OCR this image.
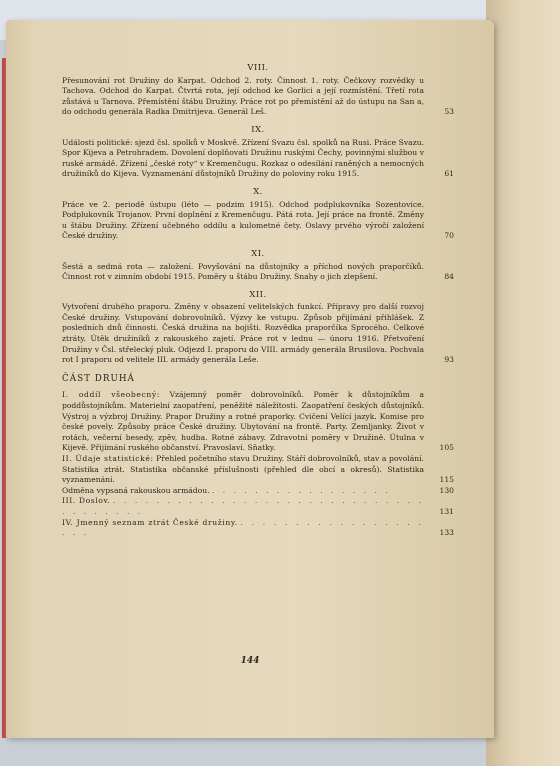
VIII.
Přesunování rot Družiny do Karpat. Odchod 2. roty. Činnost 1. roty. Čečkovy rozvědky u Tachova. Odchod do Karpat. Čtvrtá rota, její odchod ke Gorlici a její rozmístění. Třetí rota zůstává u Tarnova. Přemístění štábu Družiny. Práce rot po přemístění až do ústupu na San a, do odchodu generála Radka Dmitrijeva. Generál Leš.	53
IX.
Události politické: sjezd čsl. spolků v Moskvě. Zřízení Svazu čsl. spolků na Rusi. Práce Svazu. Spor Kijeva a Petrohradem. Dovolení doplňovati Družinu ruskými Čechy, povinnými službou v ruské armádě. Zřízení „české roty“ v Kremenčugu. Rozkaz o odesílání raněných a nemocných družiníků do Kijeva. Vyznamenání důstojníků Družiny do poloviny roku 1915.	61
X.
Práce ve 2. periodě ústupu (léto — podzim 1915). Odchod podplukovníka Sozentovice. Podplukovník Trojanov. První doplnění z Kremenčugu. Pátá rota. Její práce na frontě. Změny u štábu Družiny. Zřízení učebného oddílu a kulometné čety. Oslavy prvého výročí založení České družiny.	70
XI.
Šestá a sedmá rota — založení. Povyšování na důstojníky a příchod nových praporčíků. Činnost rot v zimním období 1915. Poměry u štábu Družiny. Snahy o jich zlepšení.	84
XII.
Vytvoření druhého praporu. Změny v obsazení velitelských funkcí. Přípravy pro další rozvoj České družiny. Vstupování dobrovolníků. Výzvy ke vstupu. Způsob přijímání přihlášek. Z posledních dnů činnosti. Česká družina na bojišti. Rozvědka praporčíka Sprocého. Celkové ztráty. Útěk družiníků z rakouského zajetí. Práce rot v lednu — únoru 1916. Přetvoření Družiny v Čsl. střelecký pluk. Odjezd I. praporu do VIII. armády generála Brusilova. Pochvala rot I praporu od velitele III. armády generála Leše.	93
ČÁST DRUHÁ
I. oddíl všeobecný: Vzájemný poměr dobrovolníků. Poměr k důstojníkům a poddůstojníkům. Materielní zaopatření, peněžité náležitosti. Zaopatření českých důstojníků. Výstroj a výzbroj Družiny. Prapor Družiny a rotné praporky. Cvičení Velící jazyk. Komise pro české povely. Způsoby práce České družiny. Ubytování na frontě. Party. Zemljanky. Život v rotách, večerní besedy, zpěv, hudba. Rotné zábavy. Zdravotní poměry v Družině. Útulna v Kijevě. Přijímání ruského občanství. Pravoslaví. Sňatky.	105
II. Údaje statistické: Přehled početního stavu Družiny. Stáří dobrovolníků, stav a povolání. Statistika ztrát. Statistika občanské příslušnosti (přehled dle obcí a okresů). Statistika vyznamenání.	115
Odměna vypsaná rakouskou armádou. . . . . . . . . . . . . . . . . .	130
III. Doslov. . . . . . . . . . . . . . . . . . . . . . . . . . . . . . . . . . . . . .	131
IV. Jmenný seznam ztrát České družiny. . . . . . . . . . . . . . . . . . . . .	133
144
